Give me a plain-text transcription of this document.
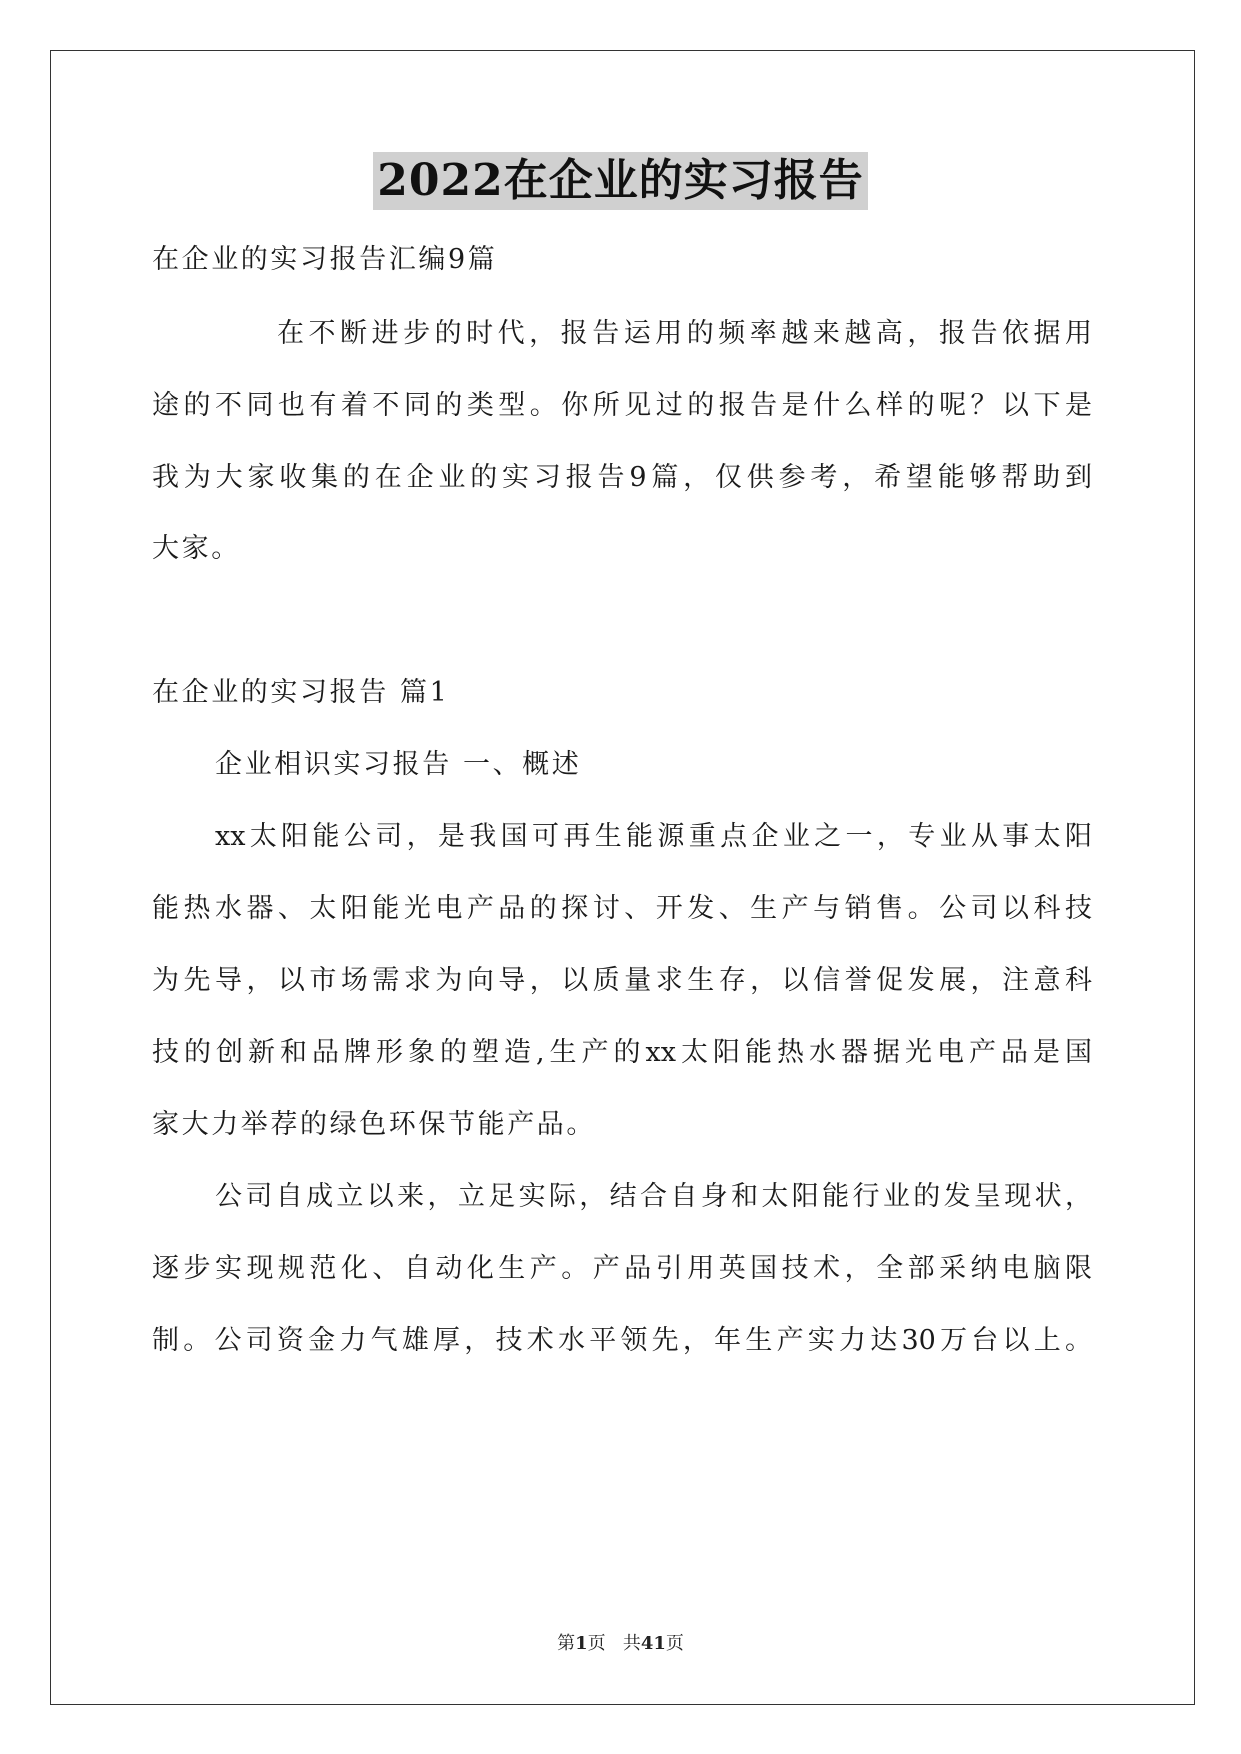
2022在企业的实习报告
在企业的实习报告汇编9篇
在不断进步的时代，报告运用的频率越来越高，报告依据用
途的不同也有着不同的类型。你所见过的报告是什么样的呢？以下是
我为大家收集的在企业的实习报告9篇，仅供参考，希望能够帮助到
大家。
在企业的实习报告 篇1
企业相识实习报告 一、概述
xx太阳能公司，是我国可再生能源重点企业之一，专业从事太阳
能热水器、太阳能光电产品的探讨、开发、生产与销售。公司以科技
为先导，以市场需求为向导，以质量求生存，以信誉促发展，注意科
技的创新和品牌形象的塑造,生产的xx太阳能热水器据光电产品是国
家大力举荐的绿色环保节能产品。
公司自成立以来，立足实际，结合自身和太阳能行业的发呈现状，
逐步实现规范化、自动化生产。产品引用英国技术，全部采纳电脑限
制。公司资金力气雄厚，技术水平领先，年生产实力达30万台以上。
第1页 共41页
